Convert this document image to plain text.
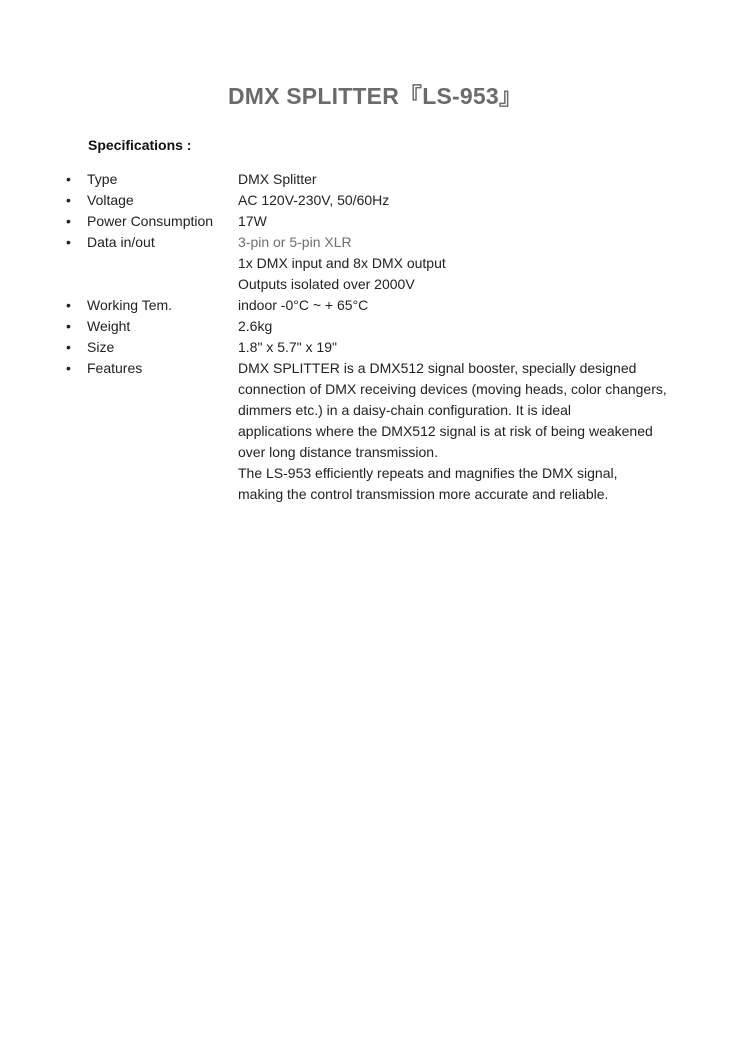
DMX SPLITTER『LS-953』
Specifications :
•	Type	DMX Splitter
•	Voltage	AC 120V-230V, 50/60Hz
•	Power Consumption 17W
•	Data in/out	3-pin or 5-pin XLR
1x DMX input and 8x DMX output
Outputs isolated over 2000V
•	Working Tem.	indoor -0°C ~ + 65°C
•	Weight	2.6kg
•	Size	1.8" x 5.7" x 19"
•	Features	DMX SPLITTER is a DMX512 signal booster, specially designed
connection of DMX receiving devices (moving heads, color changers,
dimmers etc.) in a daisy-chain configuration. It is ideal
applications where the DMX512 signal is at risk of being weakened
over long distance transmission.
The LS-953 efficiently repeats and magnifies the DMX signal,
making the control transmission more accurate and reliable.
